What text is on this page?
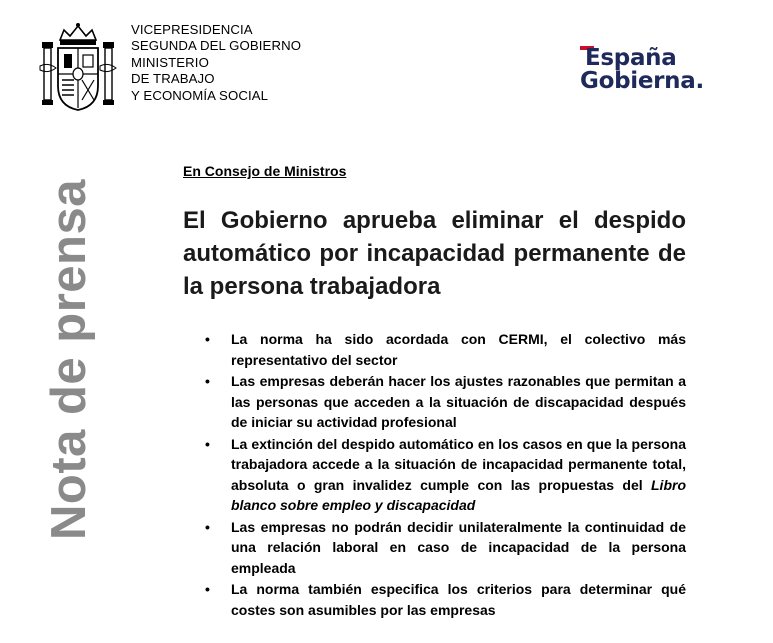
VICEPRESIDENCIA
SEGUNDA DEL GOBIERNO
MINISTERIO
DE TRABAJO
Y ECONOMÍA SOCIAL
España
Gobierna.
Nota de prensa
En Consejo de Ministros
El Gobierno aprueba eliminar el despido automático por incapacidad permanente de la persona trabajadora
• La norma ha sido acordada con CERMI, el colectivo más representativo del sector
• Las empresas deberán hacer los ajustes razonables que permitan a las personas que acceden a la situación de discapacidad después de iniciar su actividad profesional
• La extinción del despido automático en los casos en que la persona trabajadora accede a la situación de incapacidad permanente total, absoluta o gran invalidez cumple con las propuestas del Libro blanco sobre empleo y discapacidad
• Las empresas no podrán decidir unilateralmente la continuidad de una relación laboral en caso de incapacidad de la persona empleada
• La norma también especifica los criterios para determinar qué costes son asumibles por las empresas
